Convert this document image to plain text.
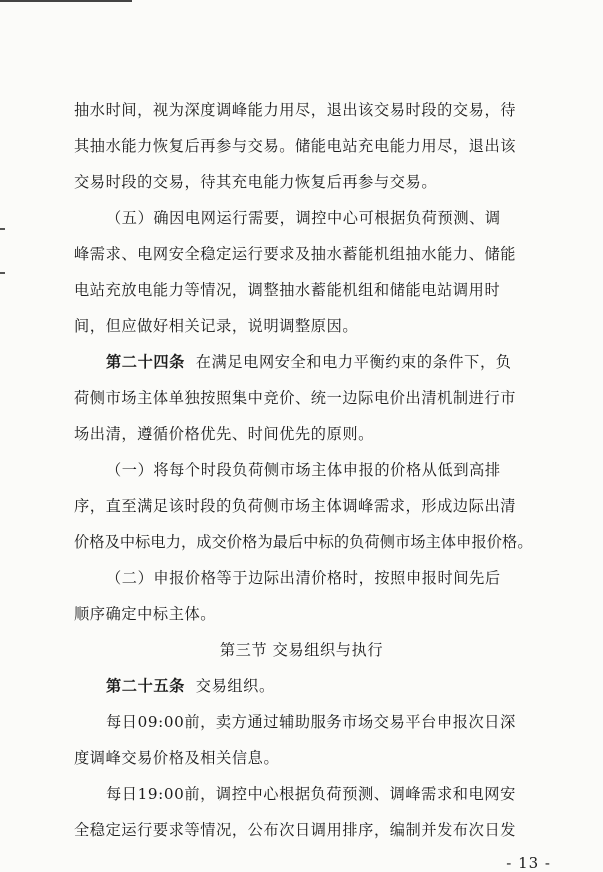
抽水时间，视为深度调峰能力用尽，退出该交易时段的交易，待
其抽水能力恢复后再参与交易。储能电站充电能力用尽，退出该
交易时段的交易，待其充电能力恢复后再参与交易。
（五）确因电网运行需要，调控中心可根据负荷预测、调
峰需求、电网安全稳定运行要求及抽水蓄能机组抽水能力、储能
电站充放电能力等情况，调整抽水蓄能机组和储能电站调用时
间，但应做好相关记录，说明调整原因。
第二十四条 在满足电网安全和电力平衡约束的条件下，负
荷侧市场主体单独按照集中竞价、统一边际电价出清机制进行市
场出清，遵循价格优先、时间优先的原则。
（一）将每个时段负荷侧市场主体申报的价格从低到高排
序，直至满足该时段的负荷侧市场主体调峰需求，形成边际出清
价格及中标电力，成交价格为最后中标的负荷侧市场主体申报价格。
（二）申报价格等于边际出清价格时，按照申报时间先后
顺序确定中标主体。
第三节 交易组织与执行
第二十五条 交易组织。
每日09:00前，卖方通过辅助服务市场交易平台申报次日深
度调峰交易价格及相关信息。
每日19:00前，调控中心根据负荷预测、调峰需求和电网安
全稳定运行要求等情况，公布次日调用排序，编制并发布次日发
- 13 -
